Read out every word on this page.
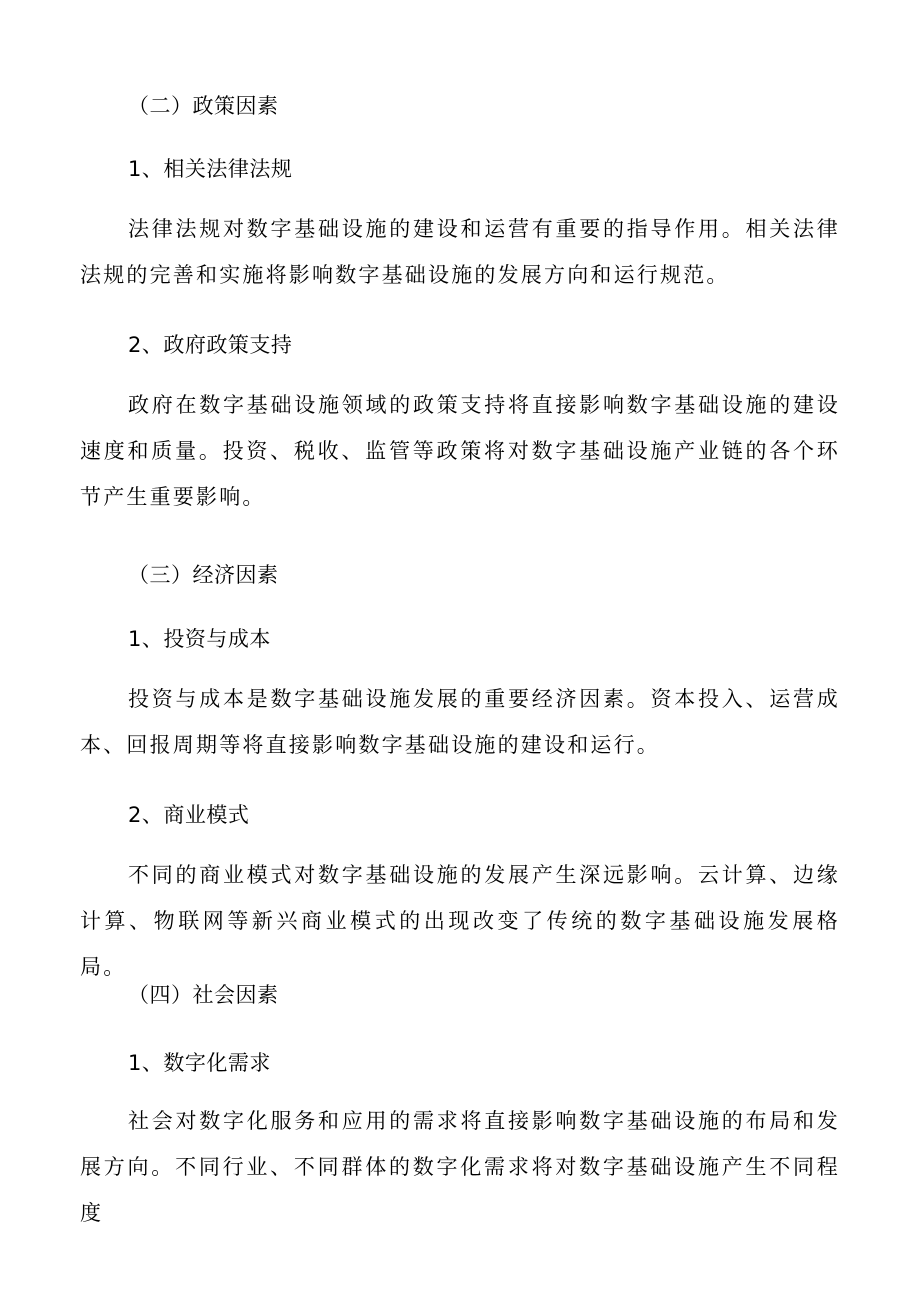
（二）政策因素
1、相关法律法规

法律法规对数字基础设施的建设和运营有重要的指导作用。相关法律法规的完善和实施将影响数字基础设施的发展方向和运行规范。

2、政府政策支持

政府在数字基础设施领域的政策支持将直接影响数字基础设施的建设速度和质量。投资、税收、监管等政策将对数字基础设施产业链的各个环节产生重要影响。

（三）经济因素
1、投资与成本

投资与成本是数字基础设施发展的重要经济因素。资本投入、运营成本、回报周期等将直接影响数字基础设施的建设和运行。

2、商业模式

不同的商业模式对数字基础设施的发展产生深远影响。云计算、边缘计算、物联网等新兴商业模式的出现改变了传统的数字基础设施发展格局。

（四）社会因素
1、数字化需求

社会对数字化服务和应用的需求将直接影响数字基础设施的布局和发展方向。不同行业、不同群体的数字化需求将对数字基础设施产生不同程度
